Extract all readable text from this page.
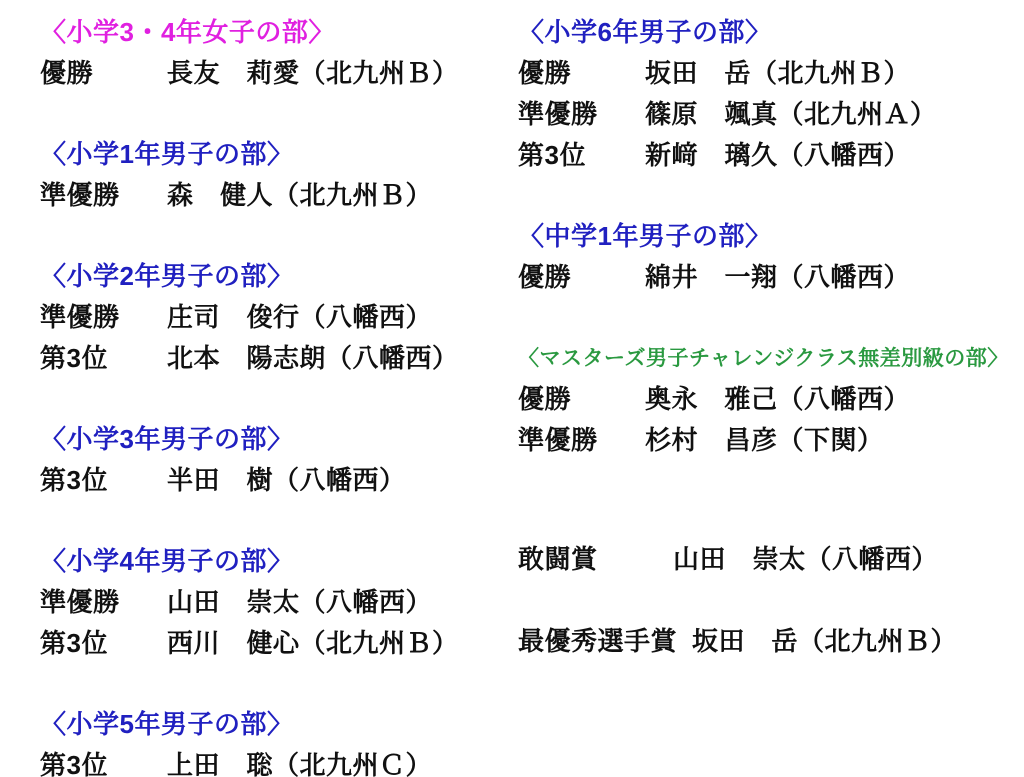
〈小学3・4年女子の部〉
優勝	長友　莉愛（北九州Ｂ）
〈小学1年男子の部〉
準優勝	森　健人（北九州Ｂ）
〈小学2年男子の部〉
準優勝	庄司　俊行（八幡西）
第3位	北本　陽志朗（八幡西）
〈小学3年男子の部〉
第3位	半田　樹（八幡西）
〈小学4年男子の部〉
準優勝	山田　崇太（八幡西）
第3位	西川　健心（北九州Ｂ）
〈小学5年男子の部〉
第3位	上田　聡（北九州Ｃ）
〈小学6年男子の部〉
優勝	坂田　岳（北九州Ｂ）
準優勝	篠原　颯真（北九州Ａ）
第3位	新﨑　璃久（八幡西）
〈中学1年男子の部〉
優勝	綿井　一翔（八幡西）
〈マスターズ男子チャレンジクラス無差別級の部〉
優勝	奥永　雅己（八幡西）
準優勝	杉村　昌彦（下関）
敢闘賞	山田　崇太（八幡西）
最優秀選手賞 坂田　岳（北九州Ｂ）
